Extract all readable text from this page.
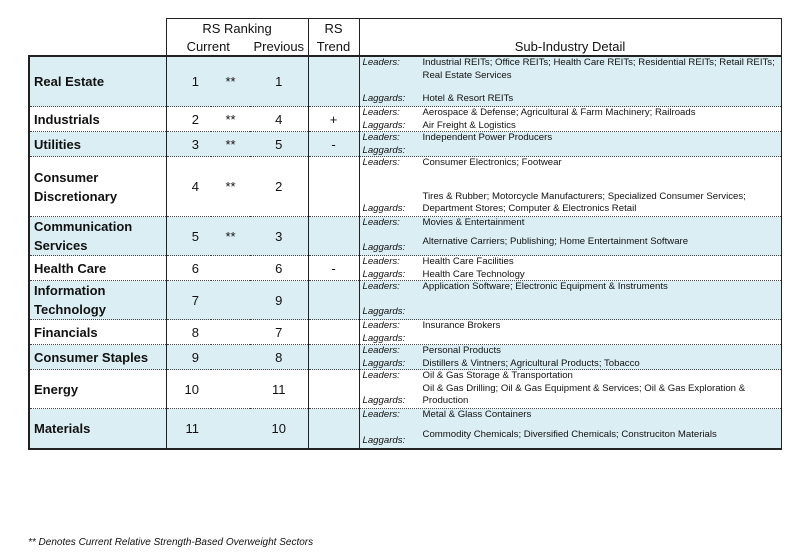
	RS Ranking			RS	
	Current		Previous	Trend	Sub-Industry Detail
Real Estate	1	**	1		Leaders: Industrial REITs; Office REITs; Health Care REITs; Residential REITs; Retail REITs; Real Estate Services
Laggards: Hotel & Resort REITs

Industrials	2	**	4	+	Leaders: Aerospace & Defense; Agricultural & Farm Machinery; Railroads
Laggards: Air Freight & Logistics

Utilities	3	**	5	-	Leaders: Independent Power Producers
Laggards:

Consumer Discretionary	4	**	2		Leaders: Consumer Electronics; Footwear
Laggards:
Tires & Rubber; Motorcycle Manufacturers; Specialized Consumer Services; Department Stores; Computer & Electronics Retail

Communication Services	5	**	3		Leaders: Movies & Entertainment
Laggards:
Alternative Carriers; Publishing; Home Entertainment Software

Health Care	6		6	-	Leaders: Health Care Facilities
Laggards: Health Care Technology

Information Technology	7		9		Leaders: Application Software; Electronic Equipment & Instruments
Laggards:

Financials	8		7		Leaders: Insurance Brokers
Laggards:

Consumer Staples	9		8		Leaders: Personal Products
Laggards: Distillers & Vintners; Agricultural Products; Tobacco

Energy	10		11		Leaders: Oil & Gas Storage & Transportation
Laggards:
Oil & Gas Drilling; Oil & Gas Equipment & Services; Oil & Gas Exploration & Production

Materials	11		10		Leaders: Metal & Glass Containers
Laggards:
Commodity Chemicals; Diversified Chemicals; Construciton Materials
** Denotes Current Relative Strength-Based Overweight Sectors
